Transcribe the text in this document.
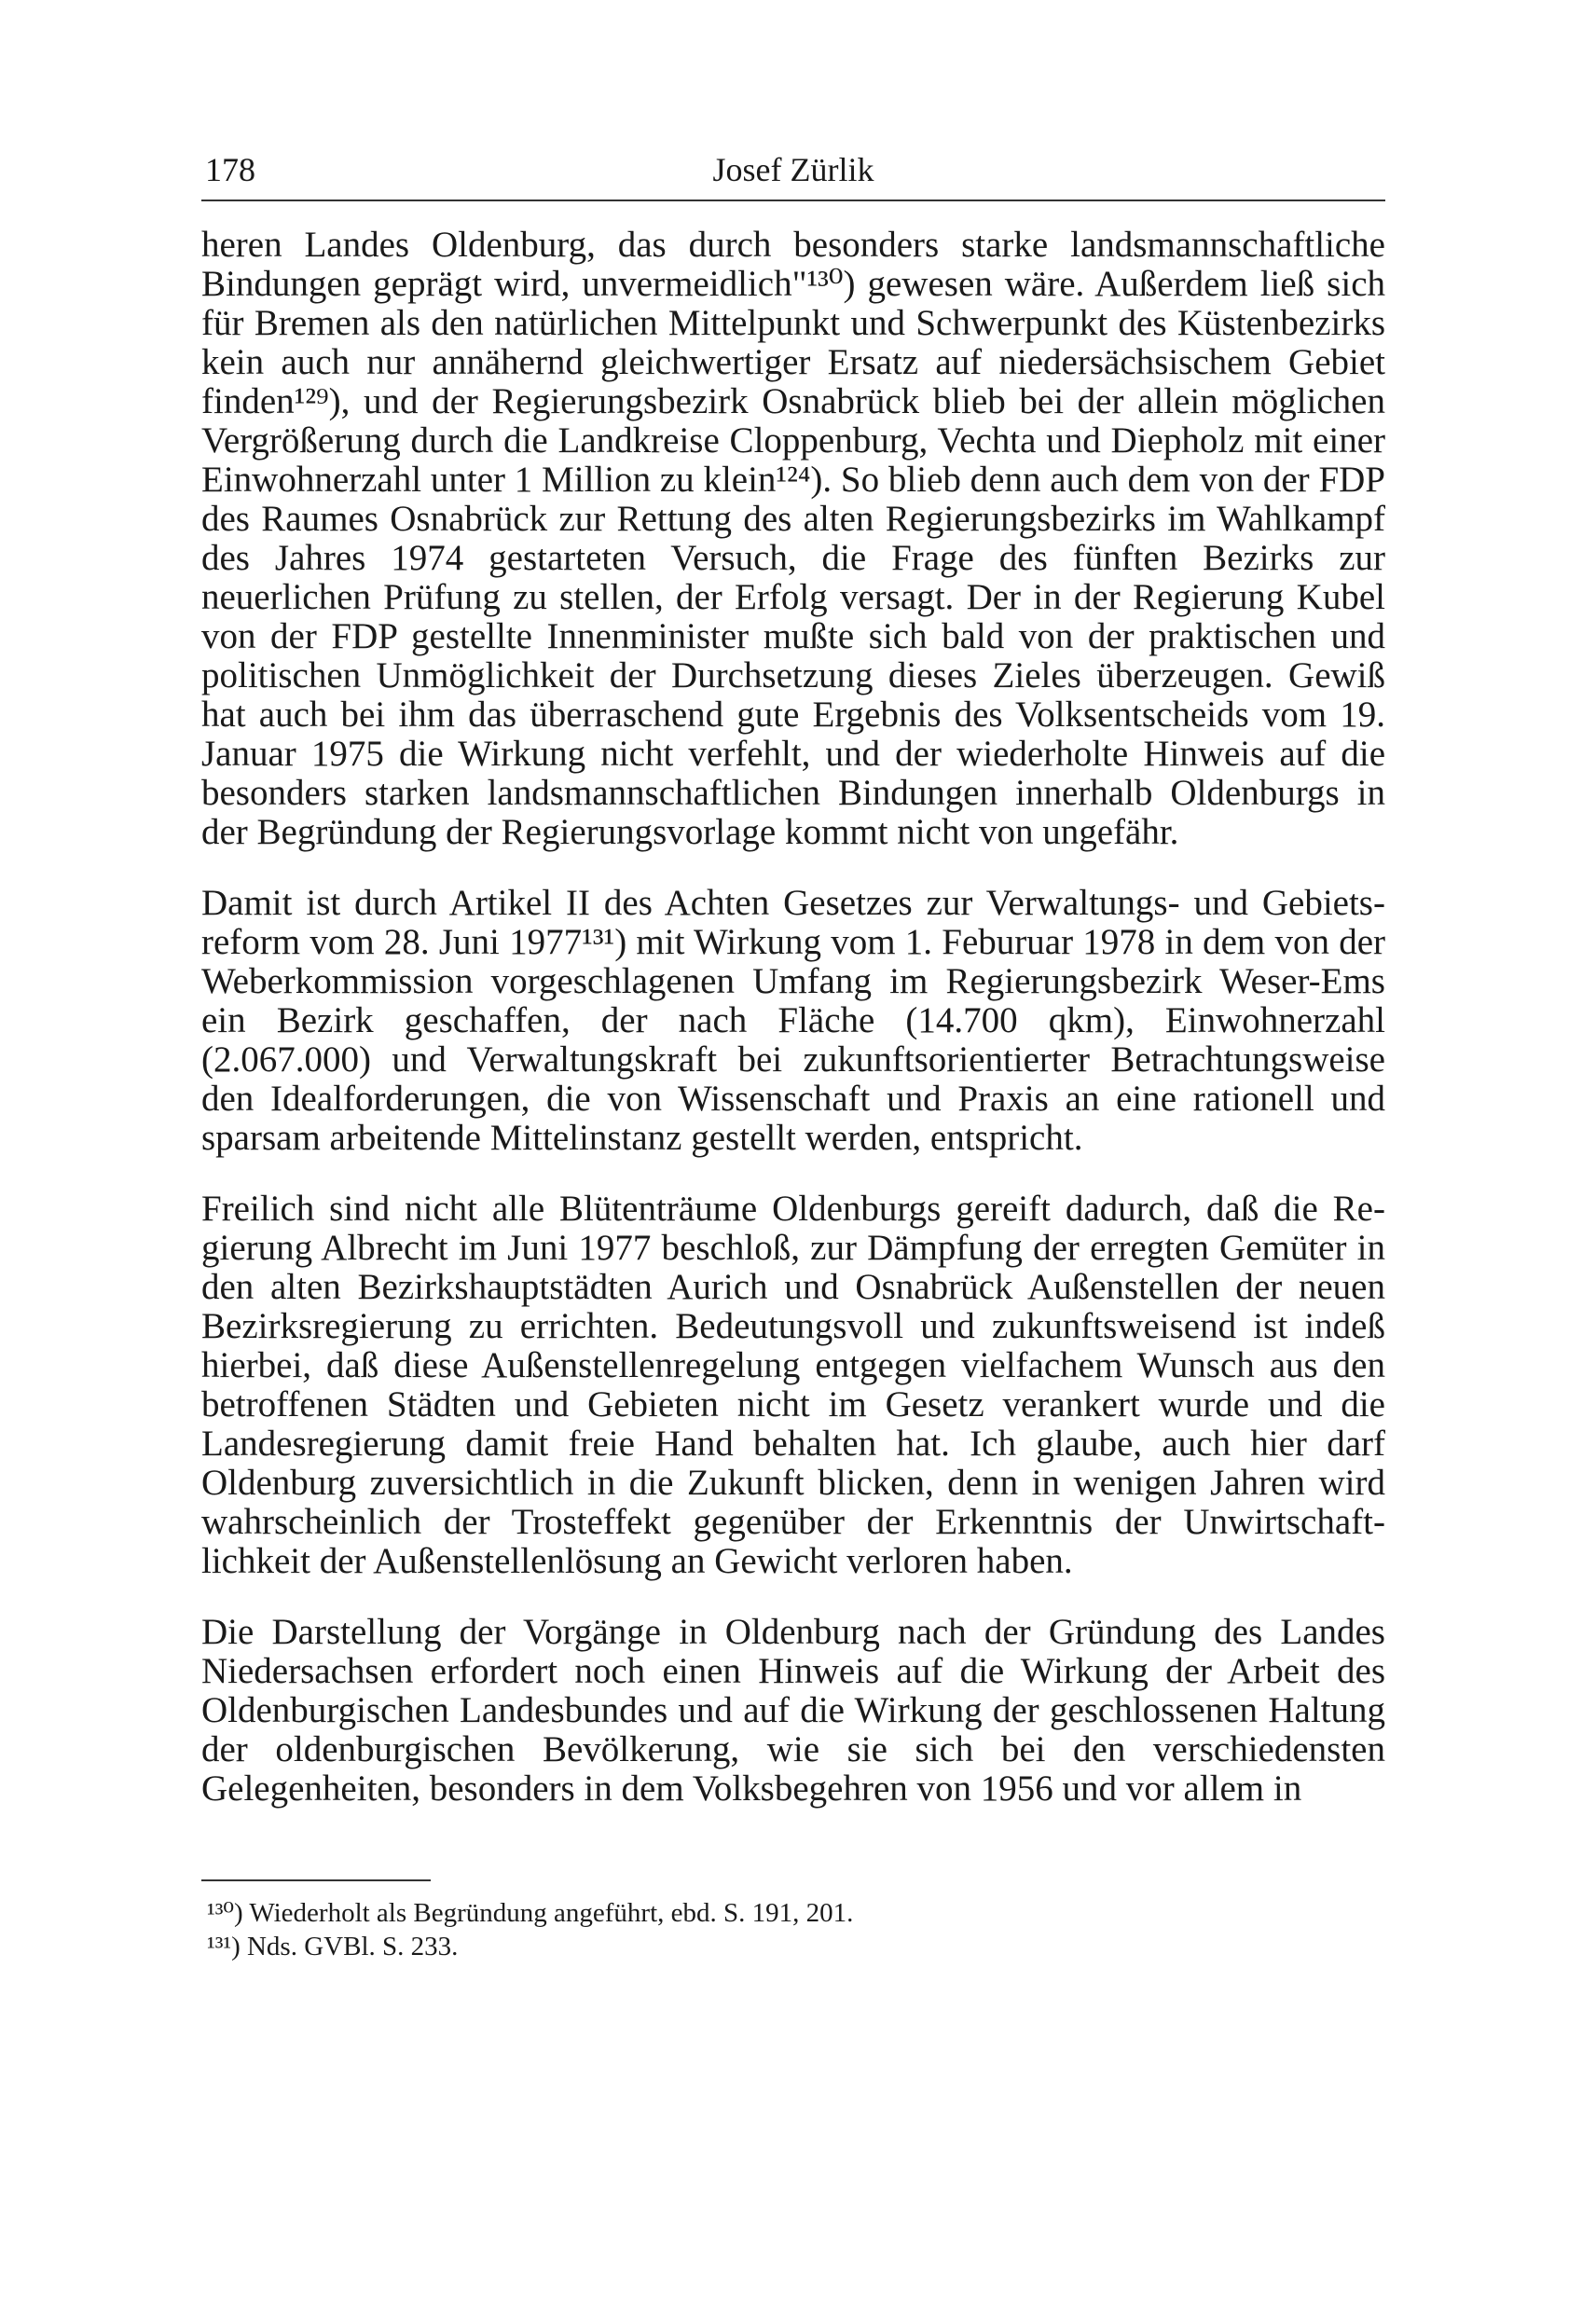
178	Josef Zürlik

heren Landes Oldenburg, das durch besonders starke landsmannschaftliche Bindungen geprägt wird, unvermeidlich"¹³⁰) gewesen wäre. Außerdem ließ sich für Bremen als den natürlichen Mittelpunkt und Schwerpunkt des Küstenbezirks kein auch nur annähernd gleichwertiger Ersatz auf niedersächsischem Gebiet finden¹²⁹), und der Regierungsbezirk Osnabrück blieb bei der allein möglichen Vergrößerung durch die Landkreise Cloppenburg, Vechta und Diepholz mit einer Einwohnerzahl unter 1 Million zu klein¹²⁴). So blieb denn auch dem von der FDP des Raumes Osnabrück zur Rettung des alten Regierungsbezirks im Wahlkampf des Jahres 1974 gestarteten Versuch, die Frage des fünften Bezirks zur neuerlichen Prüfung zu stellen, der Erfolg versagt. Der in der Regierung Kubel von der FDP gestellte Innenminister mußte sich bald von der praktischen und politischen Unmöglichkeit der Durchsetzung dieses Zieles überzeugen. Gewiß hat auch bei ihm das überraschend gute Ergebnis des Volksentscheids vom 19. Januar 1975 die Wirkung nicht verfehlt, und der wiederholte Hinweis auf die besonders starken landsmannschaftlichen Bindungen innerhalb Oldenburgs in der Begründung der Regierungsvorlage kommt nicht von ungefähr.

Damit ist durch Artikel II des Achten Gesetzes zur Verwaltungs- und Gebietsreform vom 28. Juni 1977¹³¹) mit Wirkung vom 1. Feburuar 1978 in dem von der Weberkommission vorgeschlagenen Umfang im Regierungsbezirk Weser-Ems ein Bezirk geschaffen, der nach Fläche (14.700 qkm), Einwohnerzahl (2.067.000) und Verwaltungskraft bei zukunftsorientierter Betrachtungsweise den Idealforderungen, die von Wissenschaft und Praxis an eine rationell und sparsam arbeitende Mittelinstanz gestellt werden, entspricht.

Freilich sind nicht alle Blütenträume Oldenburgs gereift dadurch, daß die Regierung Albrecht im Juni 1977 beschloß, zur Dämpfung der erregten Gemüter in den alten Bezirkshauptstädten Aurich und Osnabrück Außenstellen der neuen Bezirksregierung zu errichten. Bedeutungsvoll und zukunftsweisend ist indeß hierbei, daß diese Außenstellenregelung entgegen vielfachem Wunsch aus den betroffenen Städten und Gebieten nicht im Gesetz verankert wurde und die Landesregierung damit freie Hand behalten hat. Ich glaube, auch hier darf Oldenburg zuversichtlich in die Zukunft blicken, denn in wenigen Jahren wird wahrscheinlich der Trosteffekt gegenüber der Erkenntnis der Unwirtschaftlichkeit der Außenstellenlösung an Gewicht verloren haben.

Die Darstellung der Vorgänge in Oldenburg nach der Gründung des Landes Niedersachsen erfordert noch einen Hinweis auf die Wirkung der Arbeit des Oldenburgischen Landesbundes und auf die Wirkung der geschlossenen Haltung der oldenburgischen Bevölkerung, wie sie sich bei den verschiedensten Gelegenheiten, besonders in dem Volksbegehren von 1956 und vor allem in

¹³⁰) Wiederholt als Begründung angeführt, ebd. S. 191, 201.

¹³¹) Nds. GVBl. S. 233.
